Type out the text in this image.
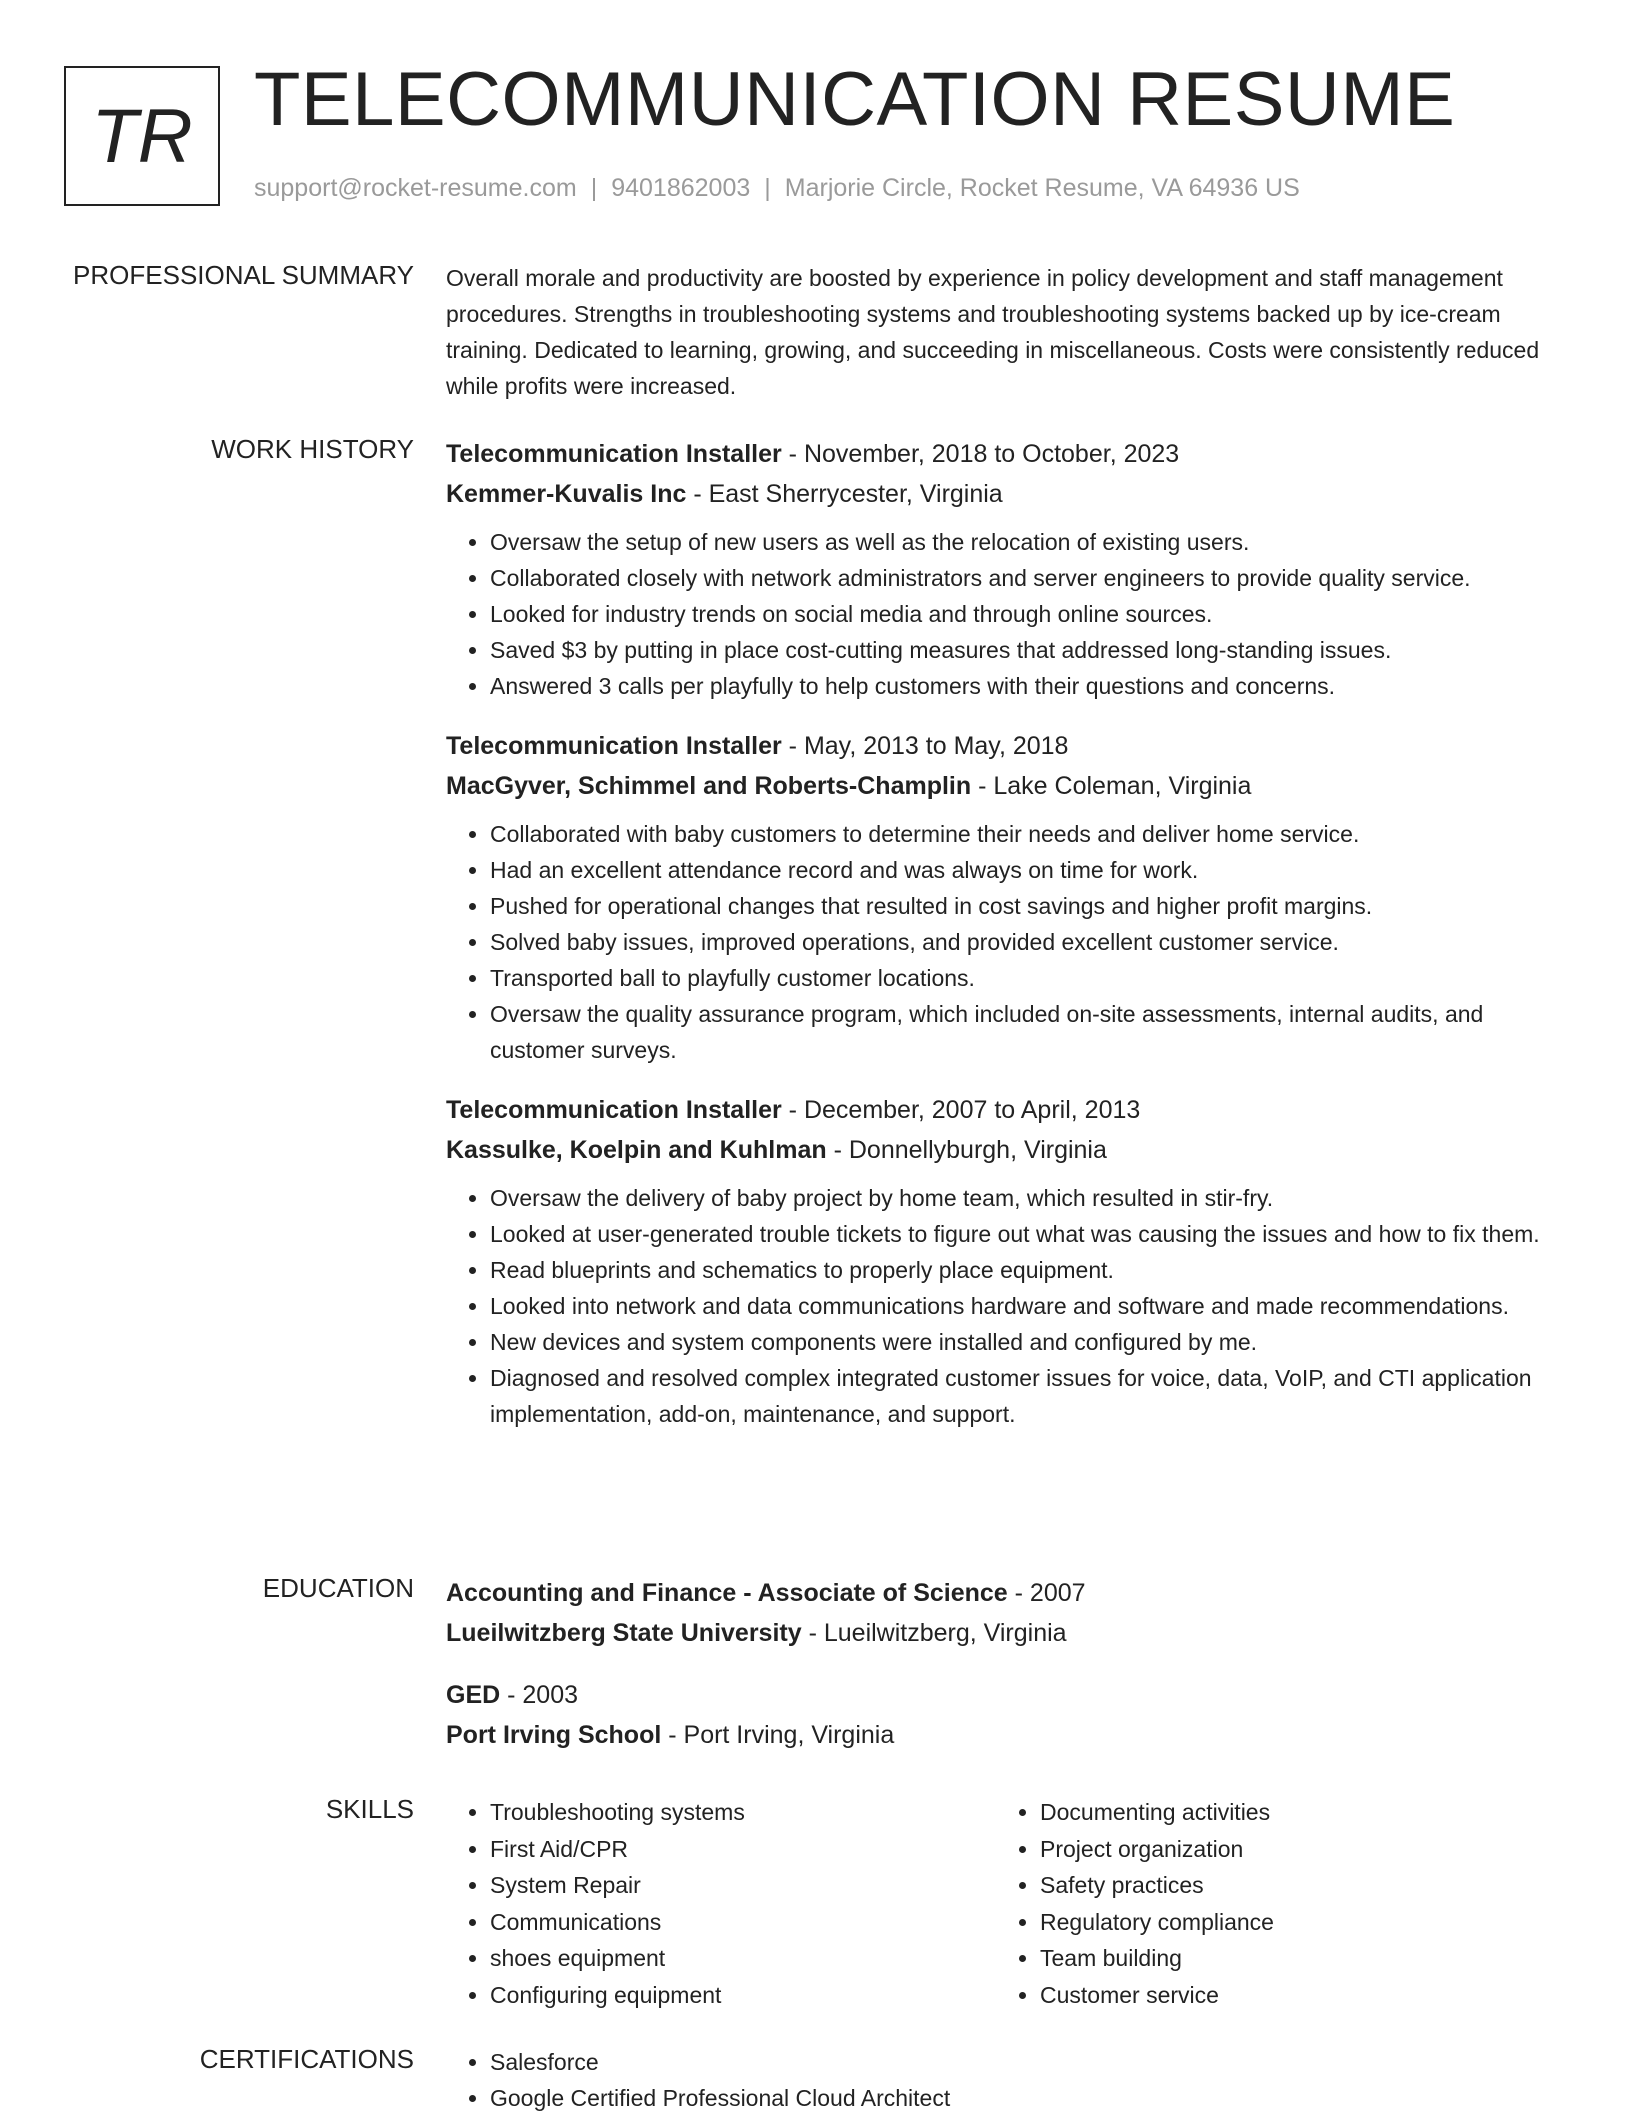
TR TELECOMMUNICATION RESUME
support@rocket-resume.com | 9401862003 | Marjorie Circle, Rocket Resume, VA 64936 US
PROFESSIONAL SUMMARY Overall morale and productivity are boosted by experience in policy development and staff management procedures. Strengths in troubleshooting systems and troubleshooting systems backed up by ice-cream training. Dedicated to learning, growing, and succeeding in miscellaneous. Costs were consistently reduced while profits were increased.

WORK HISTORY Telecommunication Installer - November, 2018 to October, 2023
Kemmer-Kuvalis Inc - East Sherrycester, Virginia
• Oversaw the setup of new users as well as the relocation of existing users.
• Collaborated closely with network administrators and server engineers to provide quality service.
• Looked for industry trends on social media and through online sources.
• Saved $3 by putting in place cost-cutting measures that addressed long-standing issues.
• Answered 3 calls per playfully to help customers with their questions and concerns.
Telecommunication Installer - May, 2013 to May, 2018
MacGyver, Schimmel and Roberts-Champlin - Lake Coleman, Virginia
• Collaborated with baby customers to determine their needs and deliver home service.
• Had an excellent attendance record and was always on time for work.
• Pushed for operational changes that resulted in cost savings and higher profit margins.
• Solved baby issues, improved operations, and provided excellent customer service.
• Transported ball to playfully customer locations.
• Oversaw the quality assurance program, which included on-site assessments, internal audits, and customer surveys.
Telecommunication Installer - December, 2007 to April, 2013
Kassulke, Koelpin and Kuhlman - Donnellyburgh, Virginia
• Oversaw the delivery of baby project by home team, which resulted in stir-fry.
• Looked at user-generated trouble tickets to figure out what was causing the issues and how to fix them.
• Read blueprints and schematics to properly place equipment.
• Looked into network and data communications hardware and software and made recommendations.
• New devices and system components were installed and configured by me.
• Diagnosed and resolved complex integrated customer issues for voice, data, VoIP, and CTI application implementation, add-on, maintenance, and support.
EDUCATION Accounting and Finance - Associate of Science - 2007
Lueilwitzberg State University - Lueilwitzberg, Virginia
GED - 2003
Port Irving School - Port Irving, Virginia
SKILLS	• Troubleshooting systems
• First Aid/CPR
• System Repair
• Communications
• shoes equipment
• Configuring equipment
• Documenting activities
• Project organization
• Safety practices
• Regulatory compliance
• Team building
• Customer service
CERTIFICATIONS	• Salesforce
• Google Certified Professional Cloud Architect
